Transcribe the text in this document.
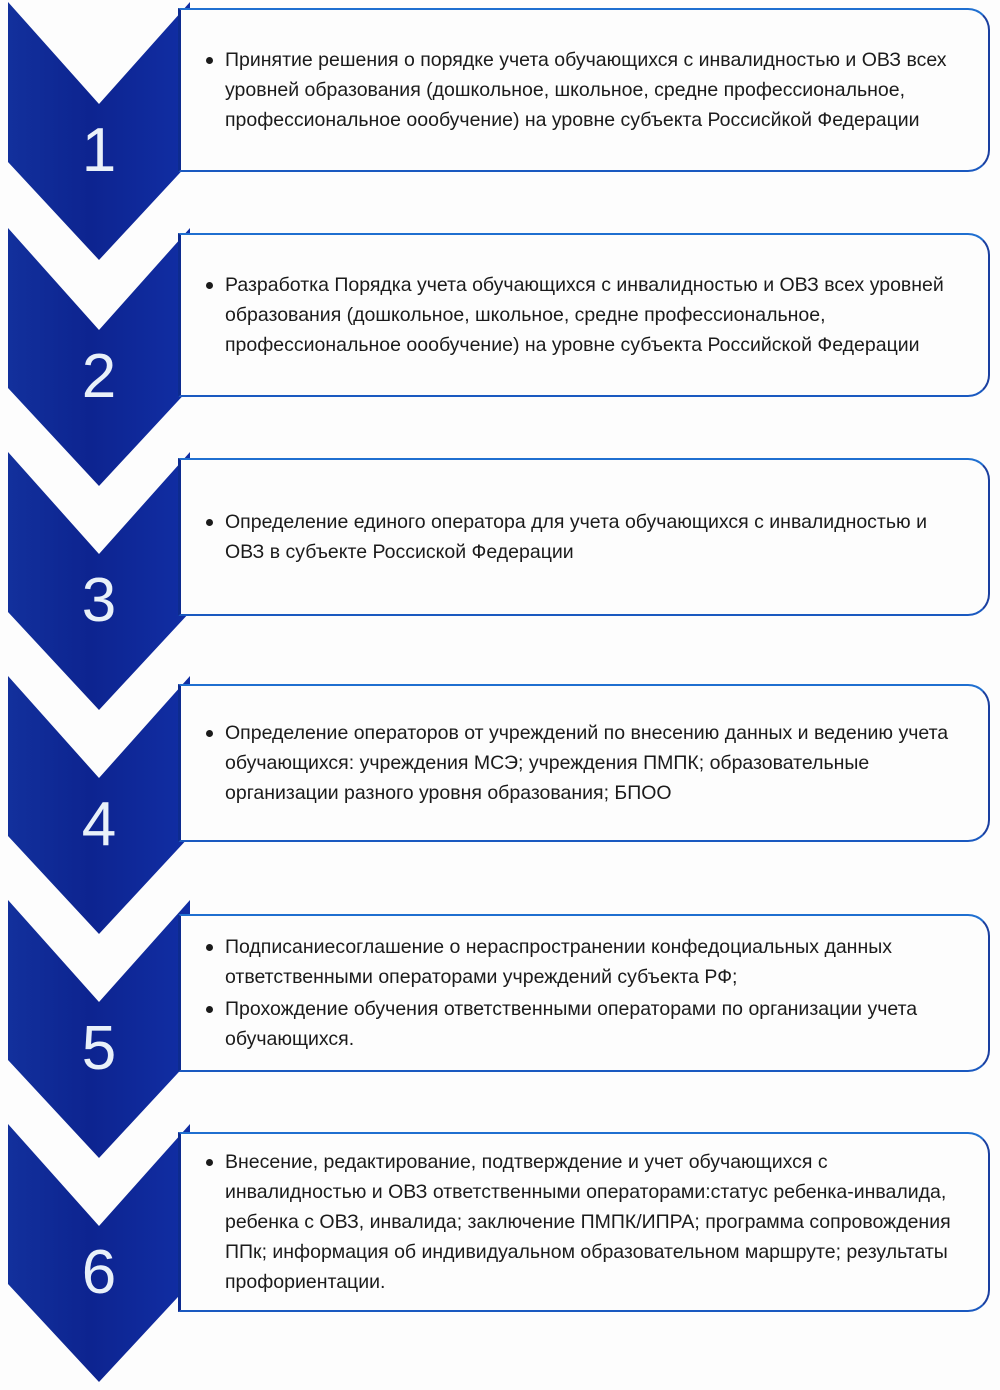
1
Принятие решения о порядке учета обучающихся с инвалидностью и ОВЗ всех уровней образования (дошкольное, школьное, средне профессиональное, профессиональное оообучение) на уровне субъекта Россисйкой Федерации
2
Разработка Порядка учета обучающихся с инвалидностью и ОВЗ всех уровней образования (дошкольное, школьное, средне профессиональное, профессиональное оообучение) на уровне субъекта Российской Федерации
3
Определение единого оператора для учета обучающихся с инвалидностью и ОВЗ в субъекте Россиской Федерации
4
Определение операторов от учреждений по внесению данных и ведению учета обучающихся: учреждения МСЭ; учреждения ПМПК; образовательные организации разного уровня образования; БПОО
5
Подписаниесоглашение о нераспространении конфедоциальных данных ответственными операторами учреждений субъекта РФ;
Прохождение обучения ответственными операторами по организации учета обучающихся.
6
Внесение, редактирование, подтверждение и учет обучающихся с инвалидностью и ОВЗ ответственными операторами:статус ребенка-инвалида, ребенка с ОВЗ, инвалида; заключение ПМПК/ИПРА; программа сопровождения ППк; информация об индивидуальном образовательном маршруте; результаты профориентации.
